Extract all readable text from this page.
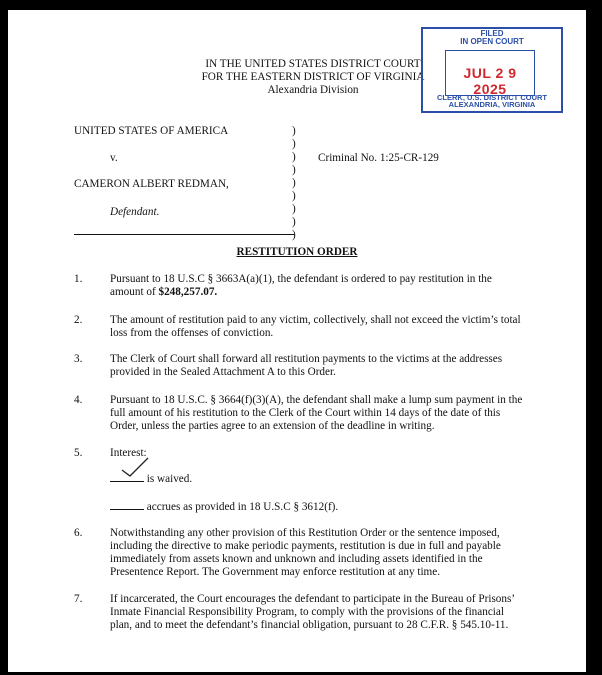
IN THE UNITED STATES DISTRICT COURT
FOR THE EASTERN DISTRICT OF VIRGINIA
Alexandria Division
FILED
IN OPEN COURT
JUL 2 9 2025
CLERK, U.S. DISTRICT COURT
ALEXANDRIA, VIRGINIA
UNITED STATES OF AMERICA
v.
CAMERON ALBERT REDMAN,
Defendant.
Criminal No. 1:25-CR-129
)
)
)
)
)
)
)
)
)
RESTITUTION ORDER
1. Pursuant to 18 U.S.C § 3663A(a)(1), the defendant is ordered to pay restitution in the amount of $248,257.07.
2. The amount of restitution paid to any victim, collectively, shall not exceed the victim’s total loss from the offenses of conviction.
3. The Clerk of Court shall forward all restitution payments to the victims at the addresses provided in the Sealed Attachment A to this Order.
4. Pursuant to 18 U.S.C. § 3664(f)(3)(A), the defendant shall make a lump sum payment in the full amount of his restitution to the Clerk of the Court within 14 days of the date of this Order, unless the parties agree to an extension of the deadline in writing.
5. Interest:
is waived.
accrues as provided in 18 U.S.C § 3612(f).
6. Notwithstanding any other provision of this Restitution Order or the sentence imposed, including the directive to make periodic payments, restitution is due in full and payable immediately from assets known and unknown and including assets identified in the Presentence Report. The Government may enforce restitution at any time.
7. If incarcerated, the Court encourages the defendant to participate in the Bureau of Prisons’ Inmate Financial Responsibility Program, to comply with the provisions of the financial plan, and to meet the defendant’s financial obligation, pursuant to 28 C.F.R. § 545.10-11.
